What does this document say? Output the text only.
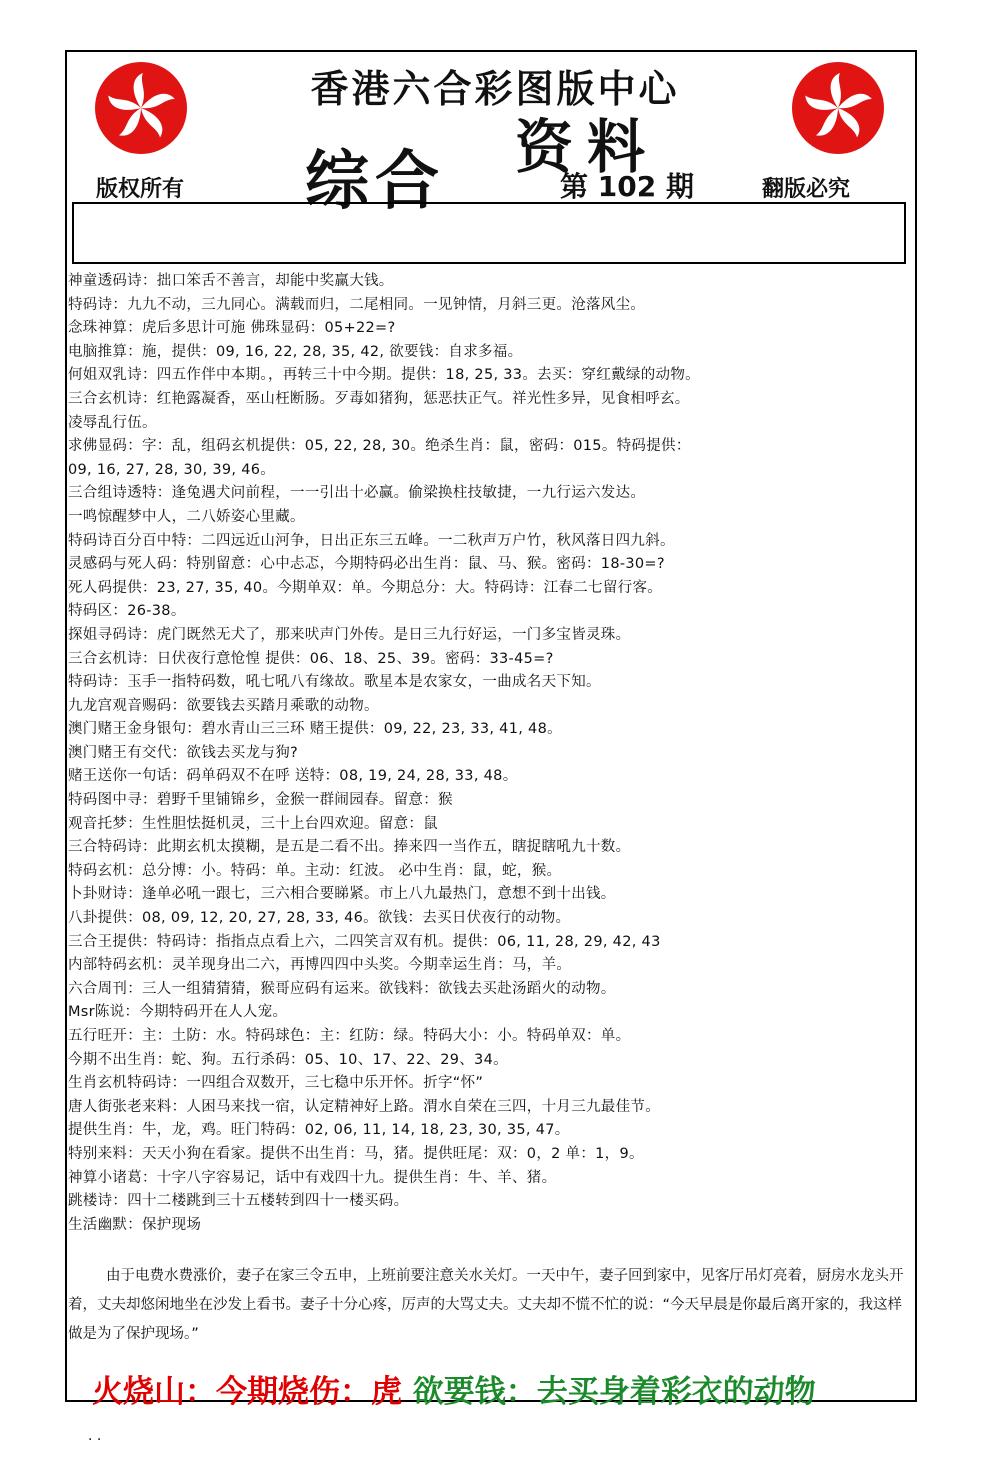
香港六合彩图版中心
综合 资料
第 102 期
版权所有	翻版必究
神童透码诗：拙口笨舌不善言，却能中奖赢大钱。
特码诗：九九不动，三九同心。满载而归，二尾相同。一见钟情，月斜三更。沧落风尘。
念珠神算：虎后多思计可施 佛珠显码：05+22=?
电脑推算：施，提供：09, 16, 22, 28, 35, 42, 欲要钱：自求多福。
何姐双乳诗：四五作伴中本期。，再转三十中今期。提供：18, 25, 33。去买：穿红戴绿的动物。
三合玄机诗：红艳露凝香，巫山枉断肠。歹毒如猪狗，惩恶扶正气。祥光性多异，见食相呼玄。
凌辱乱行伍。
求佛显码：字：乱，组码玄机提供：05, 22, 28, 30。绝杀生肖：鼠，密码：015。特码提供：
09, 16, 27, 28, 30, 39, 46。
三合组诗透特：逢兔遇犬问前程，一一引出十必赢。偷梁换柱技敏捷，一九行运六发达。
一鸣惊醒梦中人，二八娇姿心里藏。
特码诗百分百中特：二四远近山河争，日出正东三五峰。一二秋声万户竹，秋风落日四九斜。
灵感码与死人码：特别留意：心中忐忑，今期特码必出生肖：鼠、马、猴。密码：18-30=?
死人码提供：23, 27, 35, 40。今期单双：单。今期总分：大。特码诗：江春二七留行客。
特码区：26-38。
探姐寻码诗：虎门既然无犬了，那来吠声门外传。是日三九行好运，一门多宝皆灵珠。
三合玄机诗：日伏夜行意怆惶 提供：06、18、25、39。密码：33-45=?
特码诗：玉手一指特码数，吼七吼八有缘故。歌星本是农家女，一曲成名天下知。
九龙宫观音赐码：欲要钱去买踏月乘歌的动物。
澳门赌王金身银句：碧水青山三三环 赌王提供：09, 22, 23, 33, 41, 48。
澳门赌王有交代：欲钱去买龙与狗?
赌王送你一句话：码单码双不在呼 送特：08, 19, 24, 28, 33, 48。
特码图中寻：碧野千里铺锦乡，金猴一群闹园春。留意：猴
观音托梦：生性胆怯挺机灵，三十上台四欢迎。留意：鼠
三合特码诗：此期玄机太摸糊，是五是二看不出。捧来四一当作五，瞎捉瞎吼九十数。
特码玄机：总分博：小。特码：单。主动：红波。 必中生肖：鼠，蛇，猴。
卜卦财诗：逢单必吼一跟七，三六相合要睇紧。市上八九最热门，意想不到十出钱。
八卦提供：08, 09, 12, 20, 27, 28, 33, 46。欲钱：去买日伏夜行的动物。
三合王提供：特码诗：指指点点看上六，二四笑言双有机。提供：06, 11, 28, 29, 42, 43
内部特码玄机：灵羊现身出二六，再博四四中头奖。今期幸运生肖：马，羊。
六合周刊：三人一组猜猜猜，猴哥应码有运来。欲钱料：欲钱去买赴汤蹈火的动物。
Msr陈说：今期特码开在人人宠。
五行旺开：主：土防：水。特码球色：主：红防：绿。特码大小：小。特码单双：单。
今期不出生肖：蛇、狗。五行杀码：05、10、17、22、29、34。
生肖玄机特码诗：一四组合双数开，三七稳中乐开怀。折字“怀”
唐人街张老来料：人困马来找一宿，认定精神好上路。渭水自荣在三四，十月三九最佳节。
提供生肖：牛，龙，鸡。旺门特码：02, 06, 11, 14, 18, 23, 30, 35, 47。
特别来料：天天小狗在看家。提供不出生肖：马，猪。提供旺尾：双：0，2 单：1，9。
神算小诸葛：十字八字容易记，话中有戏四十九。提供生肖：牛、羊、猪。
跳楼诗：四十二楼跳到三十五楼转到四十一楼买码。
生活幽默：保护现场
由于电费水费涨价，妻子在家三令五申，上班前要注意关水关灯。一天中午，妻子回到家中，见客厅吊灯亮着，厨房水龙头开着，丈夫却悠闲地坐在沙发上看书。妻子十分心疼，厉声的大骂丈夫。丈夫却不慌不忙的说：“今天早晨是你最后离开家的，我这样做是为了保护现场。”
火烧山：今期烧伤：虎 欲要钱：去买身着彩衣的动物
. .
